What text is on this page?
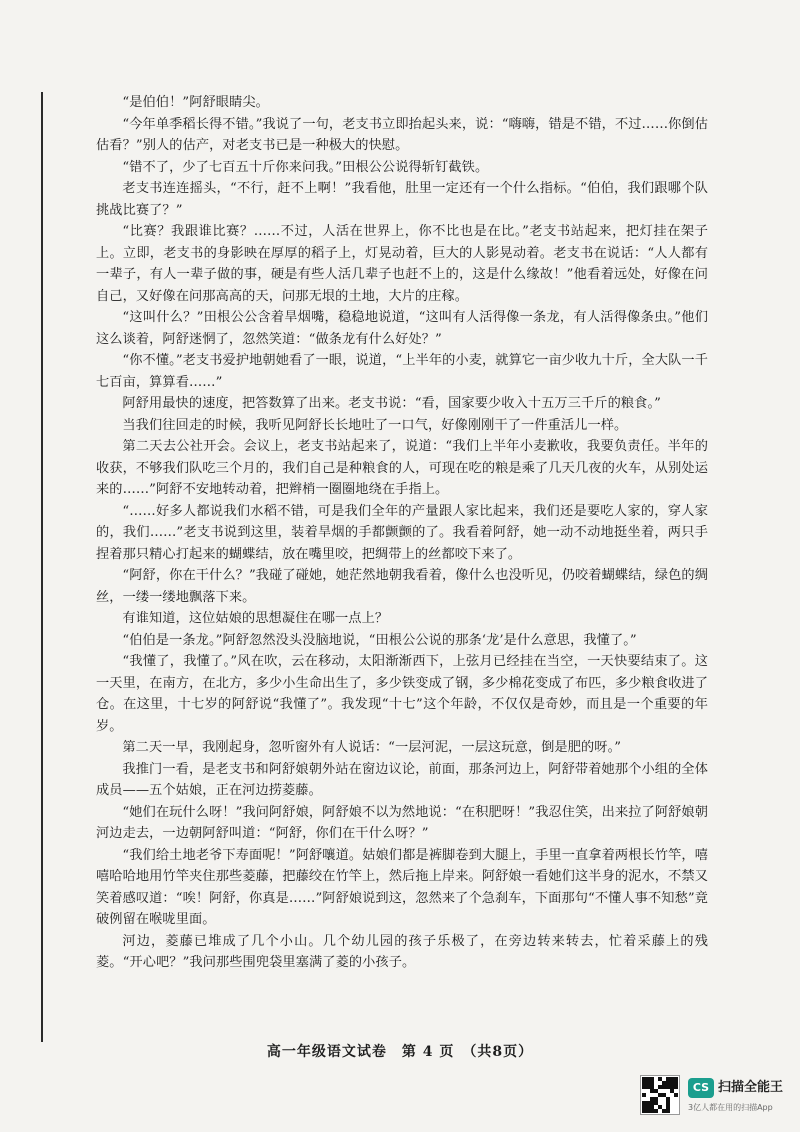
“是伯伯！”阿舒眼睛尖。

“今年单季稻长得不错。”我说了一句，老支书立即抬起头来，说：“嗨嗨，错是不错，不过……你倒估估看？”别人的估产，对老支书已是一种极大的快慰。

“错不了，少了七百五十斤你来问我。”田根公公说得斩钉截铁。

老支书连连摇头，“不行，赶不上啊！”我看他，肚里一定还有一个什么指标。“伯伯，我们跟哪个队挑战比赛了？”

“比赛？我跟谁比赛？……不过，人活在世界上，你不比也是在比。”老支书站起来，把灯挂在架子上。立即，老支书的身影映在厚厚的稻子上，灯晃动着，巨大的人影晃动着。老支书在说话：“人人都有一辈子，有人一辈子做的事，硬是有些人活几辈子也赶不上的，这是什么缘故！”他看着远处，好像在问自己，又好像在问那高高的天，问那无垠的土地，大片的庄稼。

“这叫什么？”田根公公含着旱烟嘴，稳稳地说道，“这叫有人活得像一条龙，有人活得像条虫。”他们这么谈着，阿舒迷惘了，忽然笑道：“做条龙有什么好处？”

“你不懂。”老支书爱护地朝她看了一眼，说道，“上半年的小麦，就算它一亩少收九十斤，全大队一千七百亩，算算看……”

阿舒用最快的速度，把答数算了出来。老支书说：“看，国家要少收入十五万三千斤的粮食。”

当我们往回走的时候，我听见阿舒长长地吐了一口气，好像刚刚干了一件重活儿一样。

第二天去公社开会。会议上，老支书站起来了，说道：“我们上半年小麦歉收，我要负责任。半年的收获，不够我们队吃三个月的，我们自己是种粮食的人，可现在吃的粮是乘了几天几夜的火车，从别处运来的……”阿舒不安地转动着，把辫梢一圈圈地绕在手指上。

“……好多人都说我们水稻不错，可是我们全年的产量跟人家比起来，我们还是要吃人家的，穿人家的，我们……”老支书说到这里，装着旱烟的手都颤颤的了。我看着阿舒，她一动不动地挺坐着，两只手捏着那只精心打起来的蝴蝶结，放在嘴里咬，把绸带上的丝都咬下来了。

“阿舒，你在干什么？”我碰了碰她，她茫然地朝我看着，像什么也没听见，仍咬着蝴蝶结，绿色的绸丝，一缕一缕地飘落下来。

有谁知道，这位姑娘的思想凝住在哪一点上？

“伯伯是一条龙。”阿舒忽然没头没脑地说，“田根公公说的那条‘龙’是什么意思，我懂了。”

“我懂了，我懂了。”风在吹，云在移动，太阳渐渐西下，上弦月已经挂在当空，一天快要结束了。这一天里，在南方，在北方，多少小生命出生了，多少铁变成了钢，多少棉花变成了布匹，多少粮食收进了仓。在这里，十七岁的阿舒说“我懂了”。我发现“十七”这个年龄，不仅仅是奇妙，而且是一个重要的年岁。

第二天一早，我刚起身，忽听窗外有人说话：“一层河泥，一层这玩意，倒是肥的呀。”

我推门一看，是老支书和阿舒娘朝外站在窗边议论，前面，那条河边上，阿舒带着她那个小组的全体成员——五个姑娘，正在河边捞菱藤。

“她们在玩什么呀！”我问阿舒娘，阿舒娘不以为然地说：“在积肥呀！”我忍住笑，出来拉了阿舒娘朝河边走去，一边朝阿舒叫道：“阿舒，你们在干什么呀？”

“我们给土地老爷下寿面呢！”阿舒嚷道。姑娘们都是裤脚卷到大腿上，手里一直拿着两根长竹竿，嘻嘻哈哈地用竹竿夹住那些菱藤，把藤绞在竹竿上，然后拖上岸来。阿舒娘一看她们这半身的泥水，不禁又笑着感叹道：“唉！阿舒，你真是……”阿舒娘说到这，忽然来了个急刹车，下面那句“不懂人事不知愁”竟破例留在喉咙里面。

河边，菱藤已堆成了几个小山。几个幼儿园的孩子乐极了，在旁边转来转去，忙着采藤上的残菱。“开心吧？”我问那些围兜袋里塞满了菱的小孩子。

高一年级语文试卷　第 4 页　（共8页）
CS 扫描全能王
3亿人都在用的扫描App
